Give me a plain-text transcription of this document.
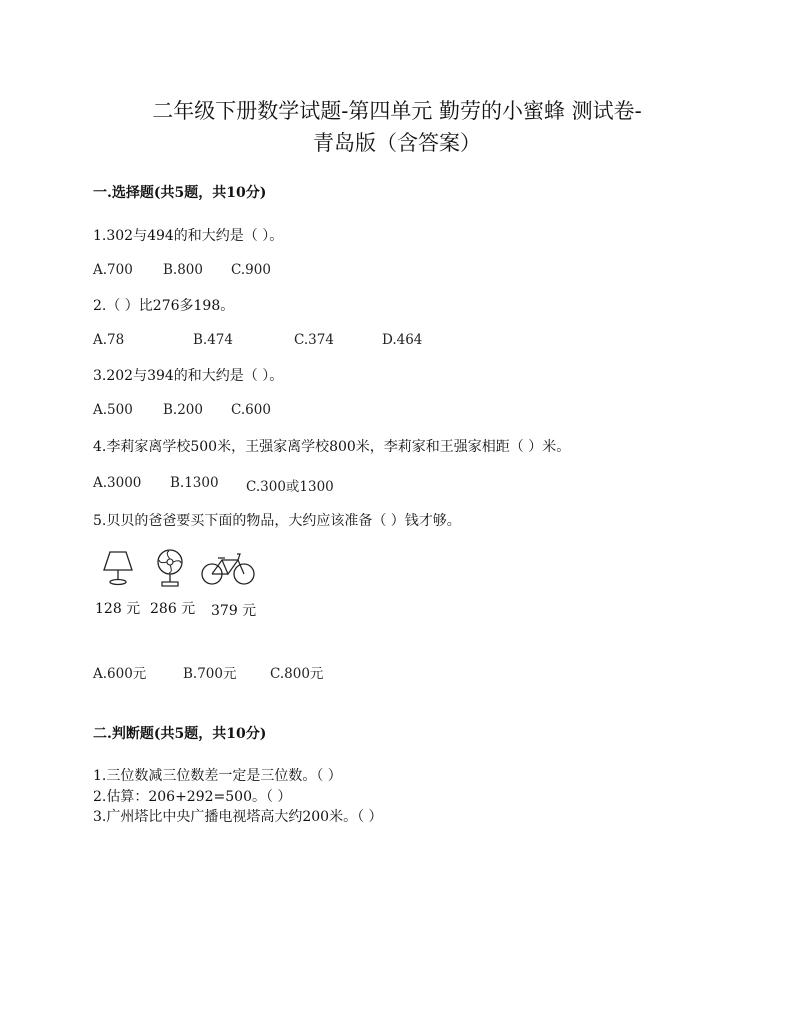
二年级下册数学试题-第四单元 勤劳的小蜜蜂 测试卷-
青岛版（含答案）
一.选择题(共5题，共10分)
1.302与494的和大约是（ ）。
A.700 B.800 C.900
2.（ ）比276多198。
A.78	B.474	C.374	D.464
3.202与394的和大约是（ ）。
A.500 B.200 C.600
4.李莉家离学校500米，王强家离学校800米，李莉家和王强家相距（ ）米。
A.3000 B.1300 C.300或1300
5.贝贝的爸爸要买下面的物品，大约应该准备（ ）钱才够。
128 元 286 元 379 元
A.600元	B.700元 C.800元
二.判断题(共5题，共10分)
1.三位数减三位数差一定是三位数。（ ）
2.估算：206+292=500。（ ）
3.广州塔比中央广播电视塔高大约200米。（ ）
